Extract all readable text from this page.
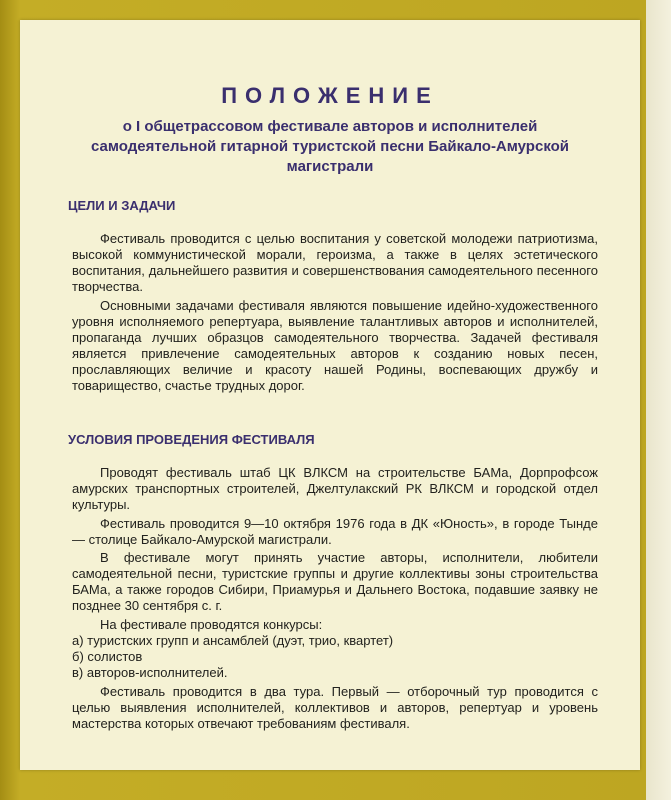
ПОЛОЖЕНИЕ
о I общетрассовом фестивале авторов и исполнителей самодеятельной гитарной туристской песни Байкало-Амурской магистрали
ЦЕЛИ И ЗАДАЧИ

Фестиваль проводится с целью воспитания у советской молодежи патриотизма, высокой коммунистической морали, героизма, а также в целях эстетического воспитания, дальнейшего развития и совершенствования самодеятельного песенного творчества.

Основными задачами фестиваля являются повышение идейно-художественного уровня исполняемого репертуара, выявление талантливых авторов и исполнителей, пропаганда лучших образцов самодеятельного творчества. Задачей фестиваля является привлечение самодеятельных авторов к созданию новых песен, прославляющих величие и красоту нашей Родины, воспевающих дружбу и товарищество, счастье трудных дорог.

УСЛОВИЯ ПРОВЕДЕНИЯ ФЕСТИВАЛЯ

Проводят фестиваль штаб ЦК ВЛКСМ на строительстве БАМа, Дорпрофсож амурских транспортных строителей, Джелтулакский РК ВЛКСМ и городской отдел культуры.

Фестиваль проводится 9—10 октября 1976 года в ДК «Юность», в городе Тынде — столице Байкало-Амурской магистрали.

В фестивале могут принять участие авторы, исполнители, любители самодеятельной песни, туристские группы и другие коллективы зоны строительства БАМа, а также городов Сибири, Приамурья и Дальнего Востока, подавшие заявку не позднее 30 сентября с. г.

На фестивале проводятся конкурсы:

а) туристских групп и ансамблей (дуэт, трио, квартет)
б) солистов
в) авторов-исполнителей.

Фестиваль проводится в два тура. Первый — отборочный тур проводится с целью выявления исполнителей, коллективов и авторов, репертуар и уровень мастерства которых отвечают требованиям фестиваля.
